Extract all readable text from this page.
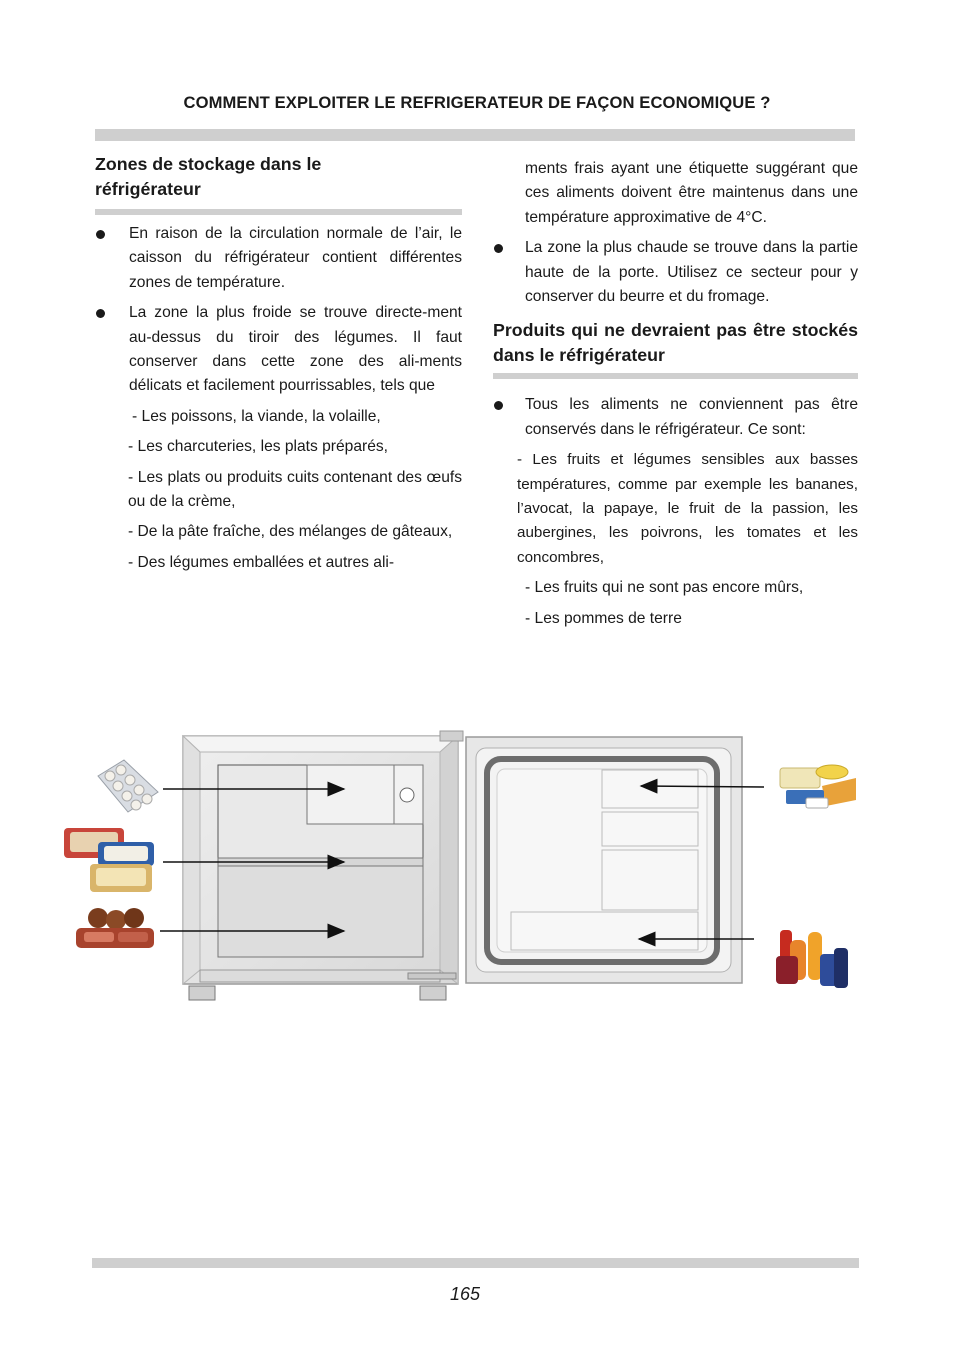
COMMENT EXPLOITER LE REFRIGERATEUR DE FAÇON ECONOMIQUE ?
Zones de stockage dans le réfrigérateur
En raison de la circulation normale de l’air, le caisson du réfrigérateur contient différentes zones de température.
La zone la plus froide se trouve directe-ment au-dessus du tiroir des légumes. Il faut conserver dans cette zone des ali-ments délicats et facilement pourrissables, tels que
- Les poissons, la viande, la volaille,
- Les charcuteries, les plats préparés,
- Les plats ou produits cuits contenant des œufs ou de la crème,
- De la pâte fraîche, des mélanges de gâteaux,
- Des légumes emballées et autres ali-
ments frais ayant une étiquette suggérant que ces aliments doivent être maintenus dans une température approximative de 4°C.
La zone la plus chaude se trouve dans la partie haute de la porte. Utilisez ce secteur pour y conserver du beurre et du fromage.
Produits qui ne devraient pas être stockés dans le réfrigérateur
Tous les aliments ne conviennent pas être conservés dans le réfrigérateur. Ce sont:
- Les fruits et légumes sensibles aux basses températures, comme par exemple les bananes, l’avocat, la papaye, le fruit de la passion, les aubergines, les poivrons, les tomates et les concombres,
- Les fruits qui ne sont pas encore mûrs,
- Les pommes de terre
165
